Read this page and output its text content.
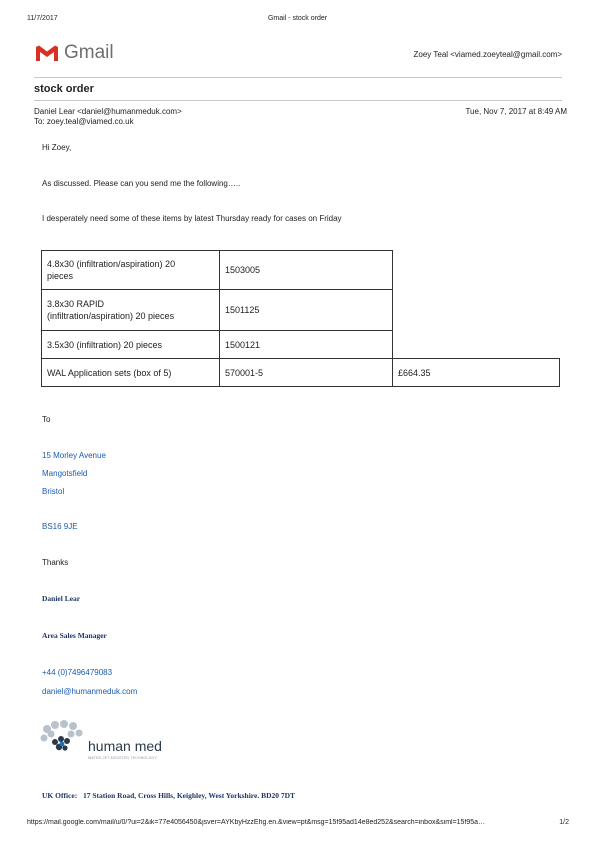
11/7/2017	Gmail - stock order
Gmail	Zoey Teal <viamed.zoeyteal@gmail.com>
stock order
Daniel Lear <daniel@humanmeduk.com>	Tue, Nov 7, 2017 at 8:49 AM
To: zoey.teal@viamed.co.uk
Hi Zoey,
As discussed. Please can you send me the following…..
I desperately need some of these items by latest Thursday ready for cases on Friday
4.8x30 (infiltration/aspiration) 20
pieces	1503005	

3.8x30 RAPID
(infiltration/aspiration) 20 pieces	1501125	

3.5x30 (infiltration) 20 pieces	1500121	

WAL Application sets (box of 5)	570001-5	£664.35
To
15 Morley Avenue
Mangotsfield
Bristol
BS16 9JE
Thanks
Daniel Lear
Area Sales Manager
+44 (0)7496479083
daniel@humanmeduk.com
human med
WATER-JET ASSISTED TECHNOLOGY
UK Office: 17 Station Road, Cross Hills, Keighley, West Yorkshire. BD20 7DT
https://mail.google.com/mail/u/0/?ui=2&ik=77e4056450&jsver=AYKbyHzzEhg.en.&view=pt&msg=15f95ad14e8ed252&search=inbox&siml=15f95a…	1/2
